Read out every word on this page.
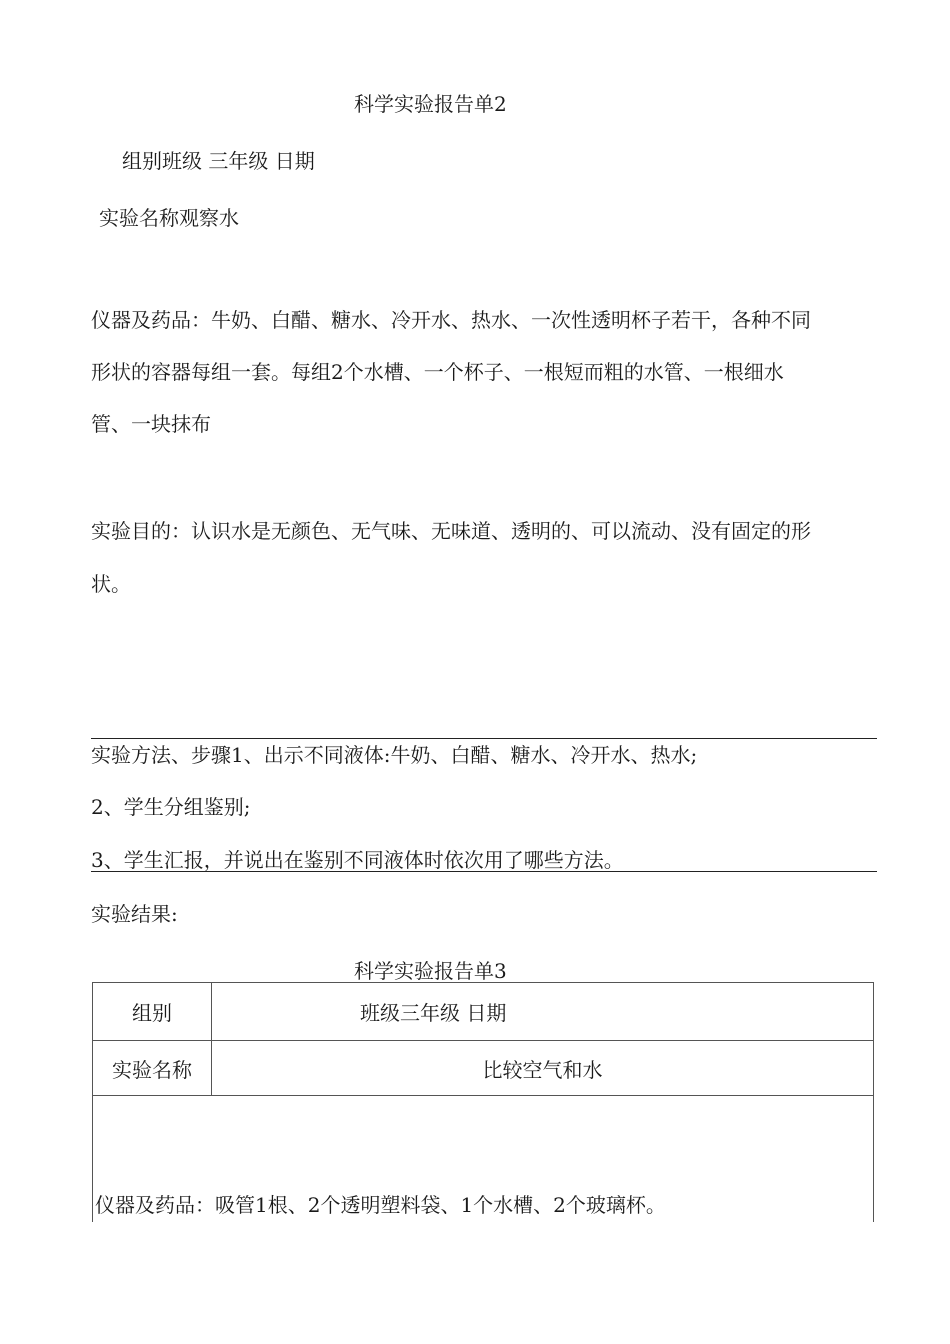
科学实验报告单2
组别班级 三年级 日期
实验名称观察水
仪器及药品：牛奶、白醋、糖水、冷开水、热水、一次性透明杯子若干，各种不同
形状的容器每组一套。每组2个水槽、一个杯子、一根短而粗的水管、一根细水
管、一块抹布
实验目的：认识水是无颜色、无气味、无味道、透明的、可以流动、没有固定的形
状。
实验方法、步骤1、出示不同液体:牛奶、白醋、糖水、冷开水、热水;
2、学生分组鉴别;
3、学生汇报，并说出在鉴别不同液体时依次用了哪些方法。
实验结果:
科学实验报告单3
组别	班级三年级 日期
实验名称	比较空气和水

仪器及药品：吸管1根、2个透明塑料袋、1个水槽、2个玻璃杯。	
